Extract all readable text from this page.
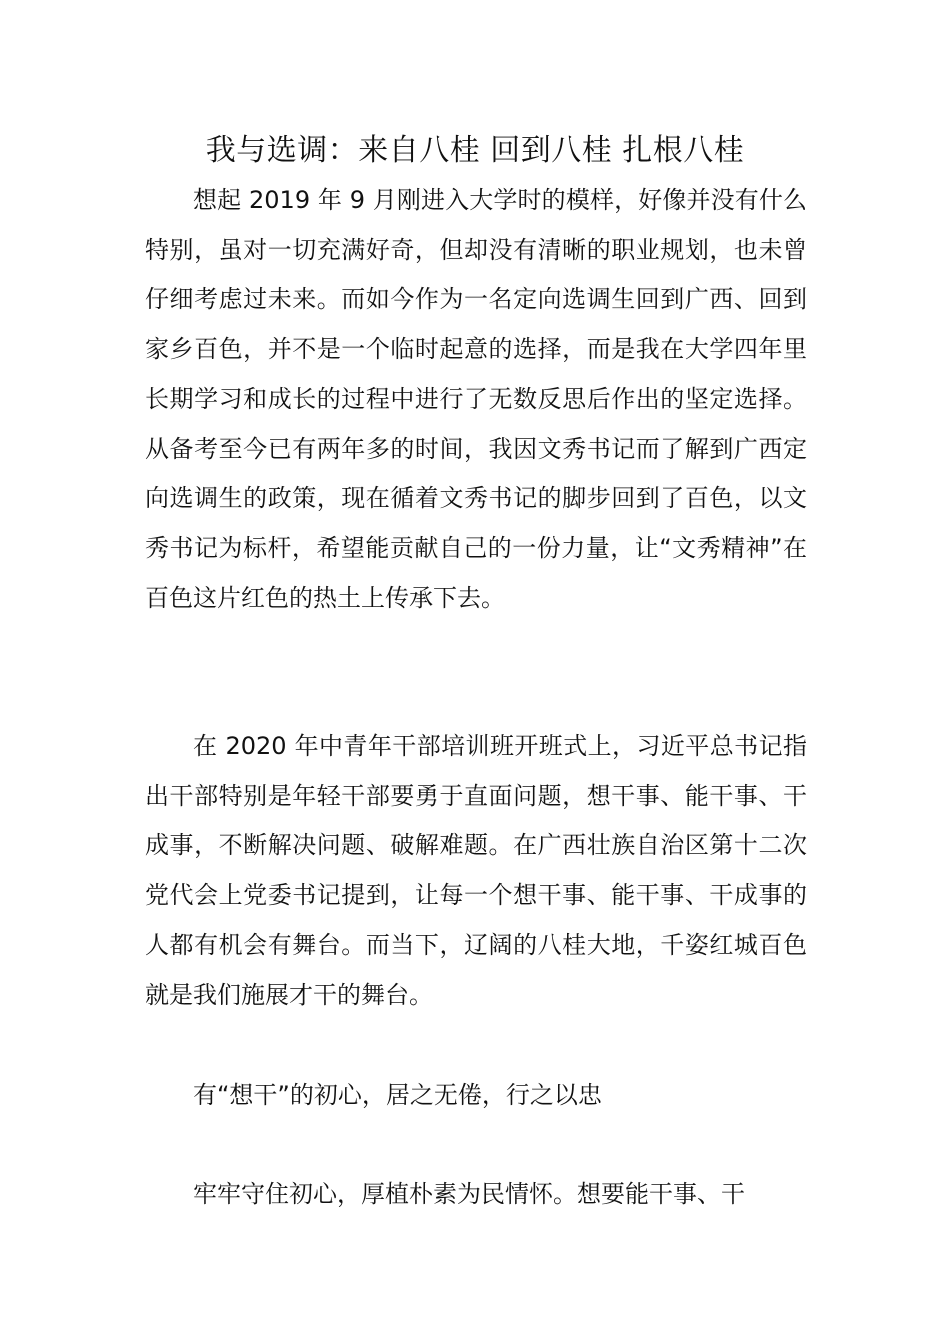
我与选调：来自八桂 回到八桂 扎根八桂

想起 2019 年 9 月刚进入大学时的模样，好像并没有什么特别，虽对一切充满好奇，但却没有清晰的职业规划，也未曾仔细考虑过未来。而如今作为一名定向选调生回到广西、回到家乡百色，并不是一个临时起意的选择，而是我在大学四年里长期学习和成长的过程中进行了无数反思后作出的坚定选择。从备考至今已有两年多的时间，我因文秀书记而了解到广西定向选调生的政策，现在循着文秀书记的脚步回到了百色，以文秀书记为标杆，希望能贡献自己的一份力量，让“文秀精神”在百色这片红色的热土上传承下去。

在 2020 年中青年干部培训班开班式上，习近平总书记指出干部特别是年轻干部要勇于直面问题，想干事、能干事、干成事，不断解决问题、破解难题。在广西壮族自治区第十二次党代会上党委书记提到，让每一个想干事、能干事、干成事的人都有机会有舞台。而当下，辽阔的八桂大地，千姿红城百色就是我们施展才干的舞台。

有“想干”的初心，居之无倦，行之以忠

牢牢守住初心，厚植朴素为民情怀。想要能干事、干
